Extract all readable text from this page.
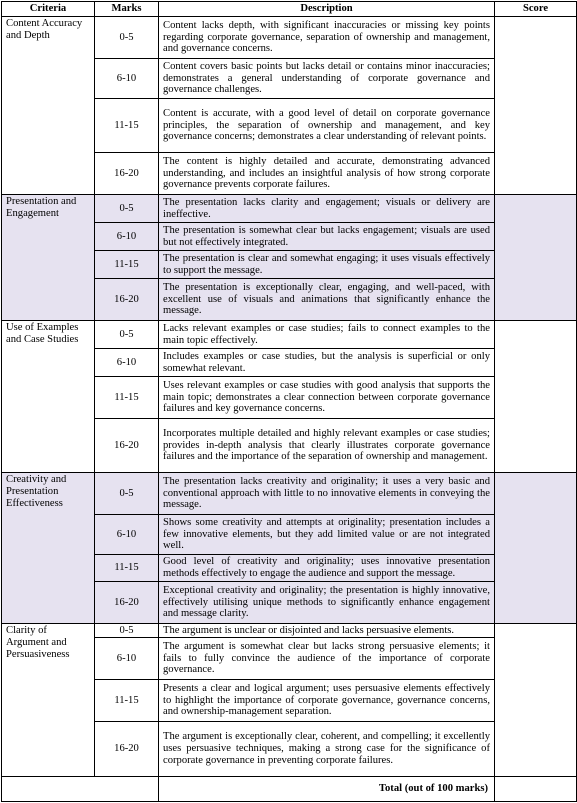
Criteria	Marks	Description	Score
Content Accuracy and Depth	0-5	Content lacks depth, with significant inaccuracies or missing key points regarding corporate governance, separation of ownership and management, and governance concerns.	
	6-10	Content covers basic points but lacks detail or contains minor inaccuracies; demonstrates a general understanding of corporate governance and governance challenges.	
	11-15	Content is accurate, with a good level of detail on corporate governance principles, the separation of ownership and management, and key governance concerns; demonstrates a clear understanding of relevant points.	
	16-20	The content is highly detailed and accurate, demonstrating advanced understanding, and includes an insightful analysis of how strong corporate governance prevents corporate failures.	
Presentation and Engagement	0-5	The presentation lacks clarity and engagement; visuals or delivery are ineffective.	
	6-10	The presentation is somewhat clear but lacks engagement; visuals are used but not effectively integrated.	
	11-15	The presentation is clear and somewhat engaging; it uses visuals effectively to support the message.	
	16-20	The presentation is exceptionally clear, engaging, and well-paced, with excellent use of visuals and animations that significantly enhance the message.	
Use of Examples and Case Studies	0-5	Lacks relevant examples or case studies; fails to connect examples to the main topic effectively.	
	6-10	Includes examples or case studies, but the analysis is superficial or only somewhat relevant.	
	11-15	Uses relevant examples or case studies with good analysis that supports the main topic; demonstrates a clear connection between corporate governance failures and key governance concerns.	
	16-20	Incorporates multiple detailed and highly relevant examples or case studies; provides in-depth analysis that clearly illustrates corporate governance failures and the importance of the separation of ownership and management.	
Creativity and Presentation Effectiveness	0-5	The presentation lacks creativity and originality; it uses a very basic and conventional approach with little to no innovative elements in conveying the message.	
	6-10	Shows some creativity and attempts at originality; presentation includes a few innovative elements, but they add limited value or are not integrated well.	
	11-15	Good level of creativity and originality; uses innovative presentation methods effectively to engage the audience and support the message.	
	16-20	Exceptional creativity and originality; the presentation is highly innovative, effectively utilising unique methods to significantly enhance engagement and message clarity.	
Clarity of Argument and Persuasiveness	0-5	The argument is unclear or disjointed and lacks persuasive elements.	
	6-10	The argument is somewhat clear but lacks strong persuasive elements; it fails to fully convince the audience of the importance of corporate governance.	
	11-15	Presents a clear and logical argument; uses persuasive elements effectively to highlight the importance of corporate governance, governance concerns, and ownership-management separation.	
	16-20	The argument is exceptionally clear, coherent, and compelling; it excellently uses persuasive techniques, making a strong case for the significance of corporate governance in preventing corporate failures.	
		Total (out of 100 marks)	
